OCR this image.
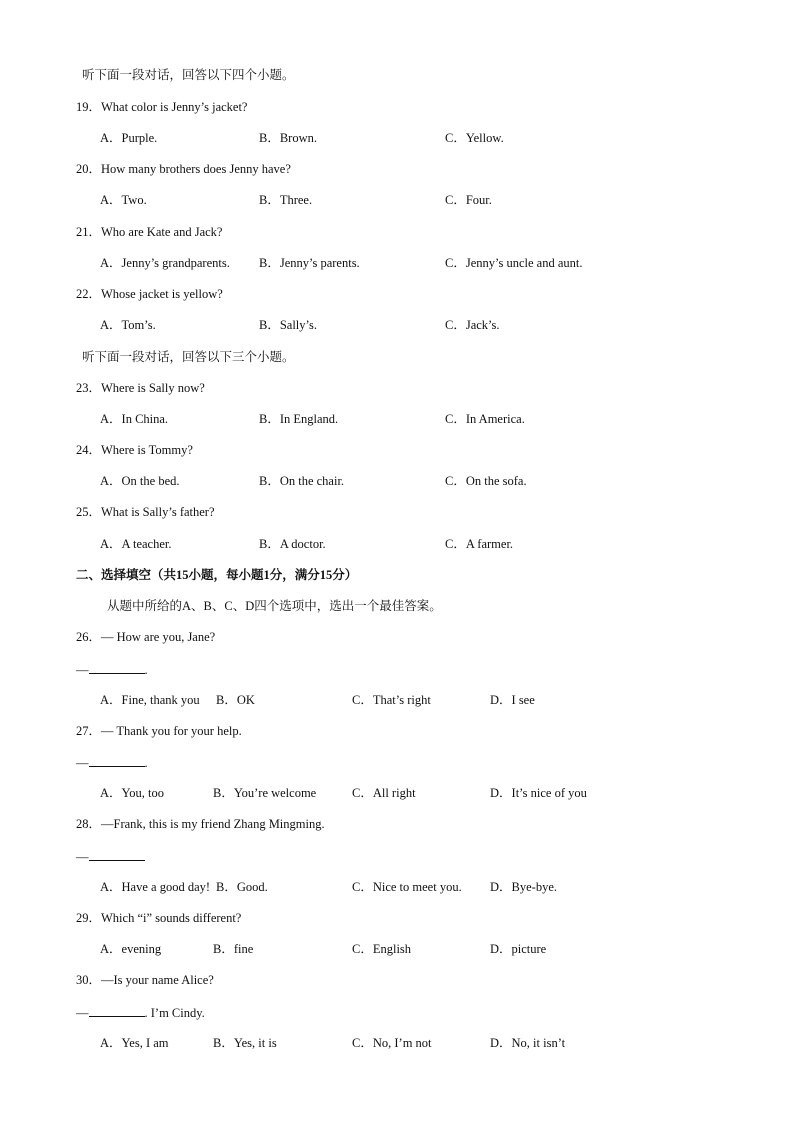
听下面一段对话，回答以下四个小题。
19．What color is Jenny’s jacket?
A．Purple.	B．Brown.	C．Yellow.
20．How many brothers does Jenny have?
A．Two.	B．Three.	C．Four.
21．Who are Kate and Jack?
A．Jenny’s grandparents. B．Jenny’s parents.	C．Jenny’s uncle and aunt.
22．Whose jacket is yellow?
A．Tom’s.	B．Sally’s.	C．Jack’s.
听下面一段对话，回答以下三个小题。
23．Where is Sally now?
A．In China.	B．In England.	C．In America.
24．Where is Tommy?
A．On the bed.	B．On the chair.	C．On the sofa.
25．What is Sally’s father?
A．A teacher.	B．A doctor.	C．A farmer.
二、选择填空（共15小题，每小题1分，满分15分）
从题中所给的A、B、C、D四个选项中，选出一个最佳答案。
26．— How are you, Jane?
—	.
A．Fine, thank you B．OK	C．That’s right	D．I see
27．— Thank you for your help.
—	.
A．You, too	B．You’re welcome	C．All right	D．It’s nice of you
28．—Frank, this is my friend Zhang Mingming.
—
A．Have a good day! B．Good.	C．Nice to meet you. D．Bye-bye.
29．Which “i” sounds different?
A．evening	B．fine	C．English	D．picture
30．—Is your name Alice?
—	. I’m Cindy.
A．Yes, I am	B．Yes, it is	C．No, I’m not	D．No, it isn’t
